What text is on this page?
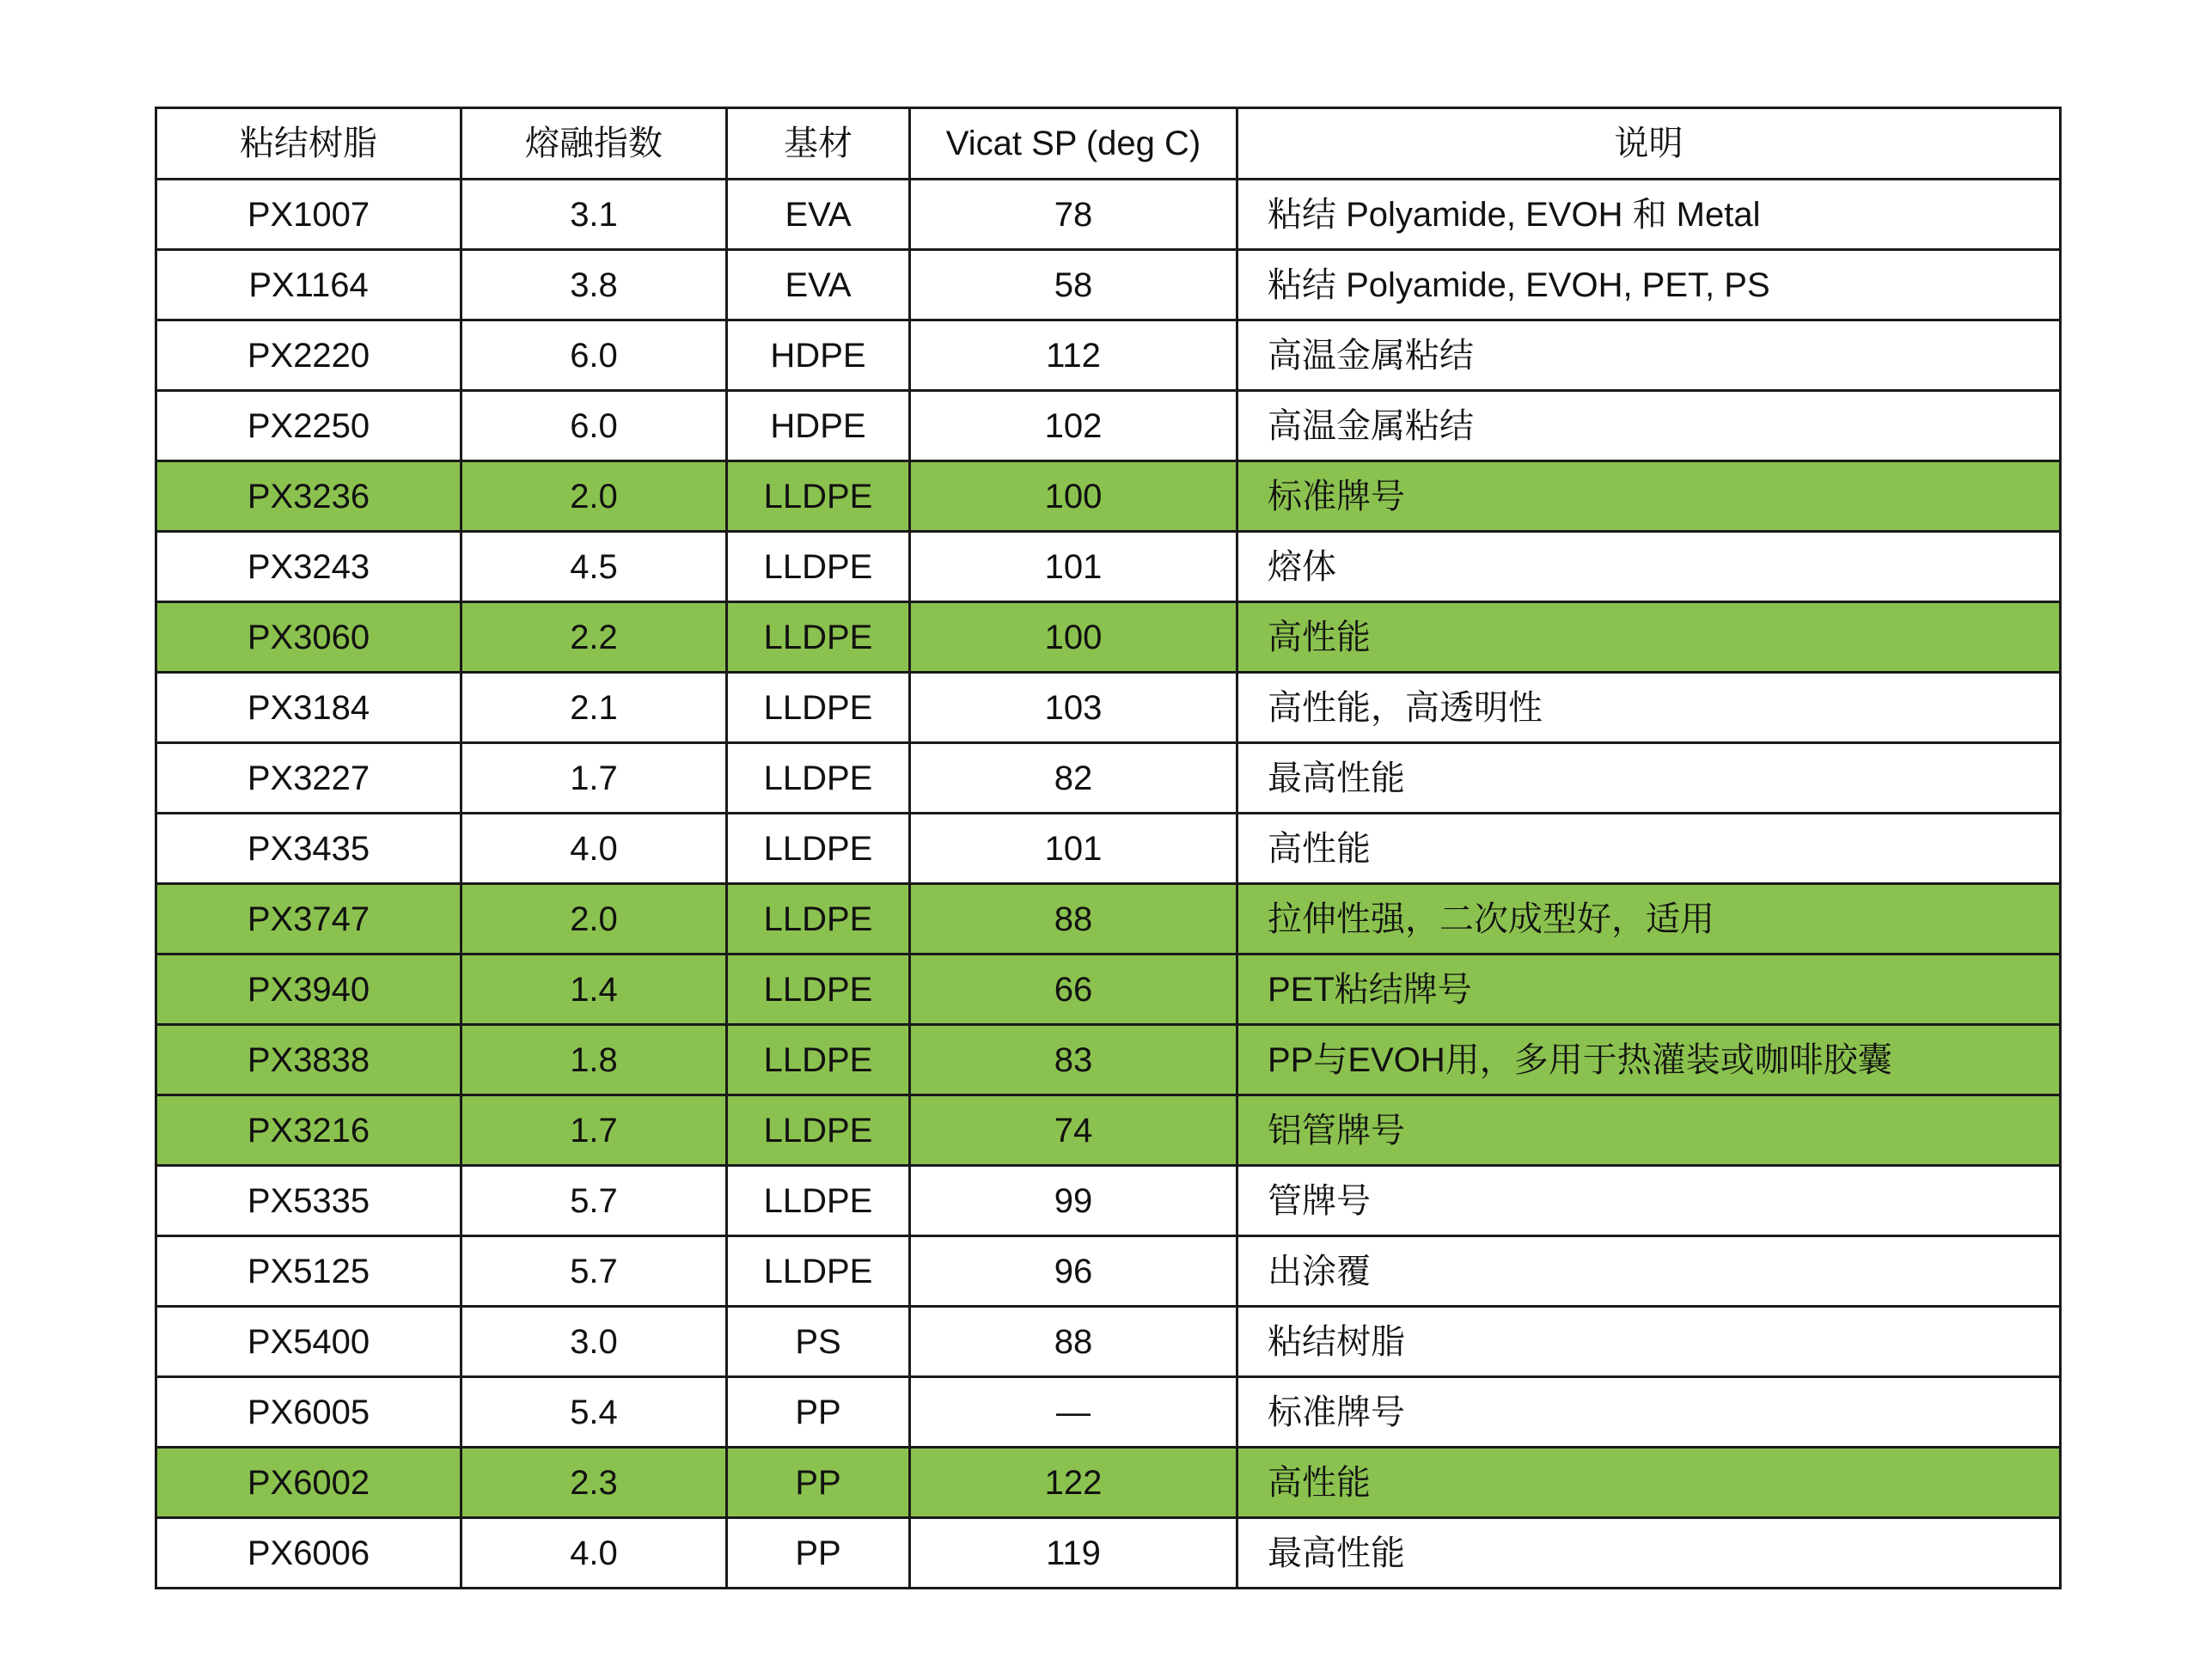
粘结树脂	熔融指数	基材	Vicat SP (deg C)	说明
PX1007	3.1	EVA	78	粘结 Polyamide, EVOH 和 Metal
PX1164	3.8	EVA	58	粘结 Polyamide, EVOH, PET, PS
PX2220	6.0	HDPE	112	高温金属粘结
PX2250	6.0	HDPE	102	高温金属粘结
PX3236	2.0	LLDPE	100	标准牌号
PX3243	4.5	LLDPE	101	熔体
PX3060	2.2	LLDPE	100	高性能
PX3184	2.1	LLDPE	103	高性能，高透明性
PX3227	1.7	LLDPE	82	最高性能
PX3435	4.0	LLDPE	101	高性能
PX3747	2.0	LLDPE	88	拉伸性强，二次成型好，适用
PX3940	1.4	LLDPE	66	PET粘结牌号
PX3838	1.8	LLDPE	83	PP与EVOH用，多用于热灌装或咖啡胶囊
PX3216	1.7	LLDPE	74	铝管牌号
PX5335	5.7	LLDPE	99	管牌号
PX5125	5.7	LLDPE	96	出涂覆
PX5400	3.0	PS	88	粘结树脂
PX6005	5.4	PP	—	标准牌号
PX6002	2.3	PP	122	高性能
PX6006	4.0	PP	119	最高性能
